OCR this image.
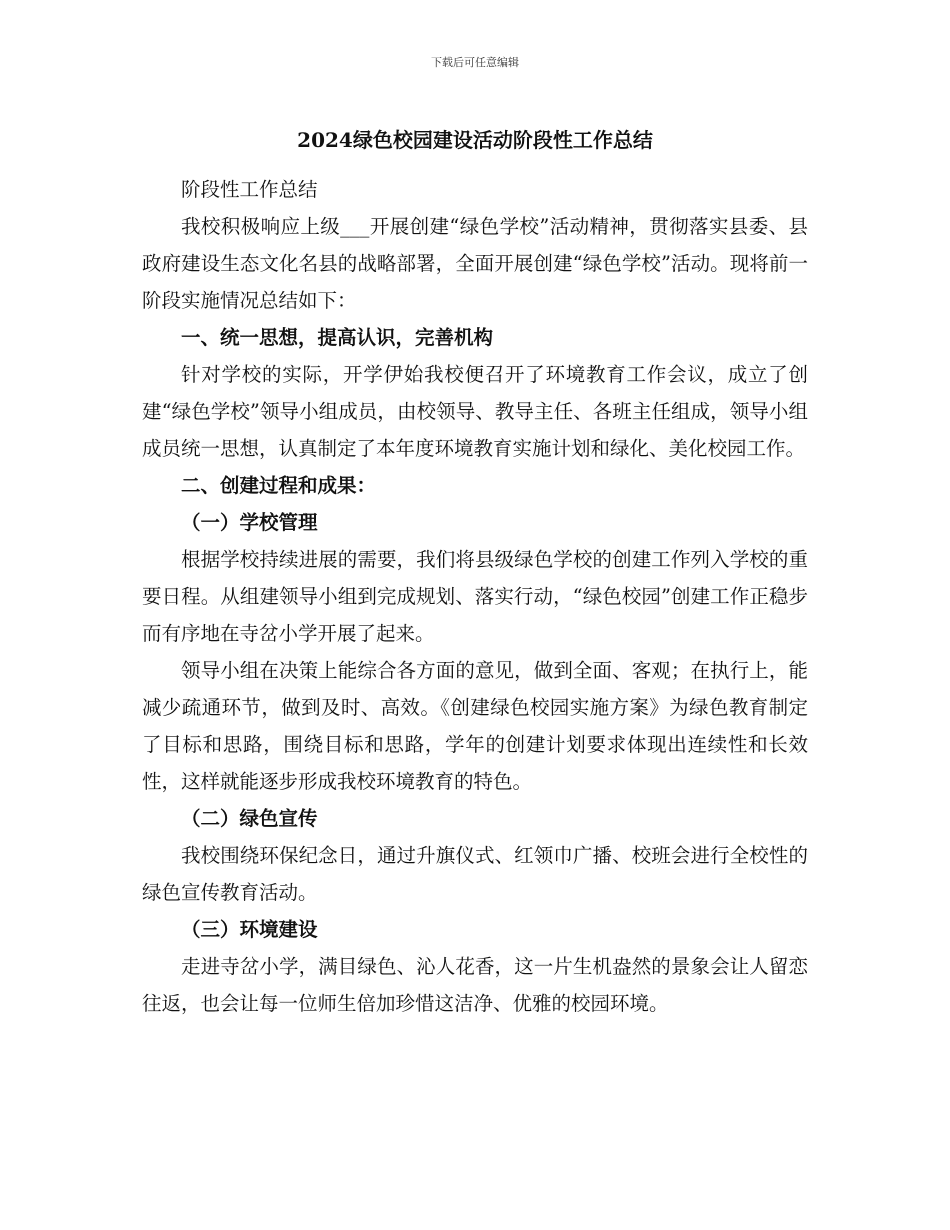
下载后可任意编辑
2024绿色校园建设活动阶段性工作总结

阶段性工作总结

我校积极响应上级___开展创建“绿色学校”活动精神，贯彻落实县委、县政府建设生态文化名县的战略部署，全面开展创建“绿色学校”活动。现将前一阶段实施情况总结如下：

一、统一思想，提高认识，完善机构

针对学校的实际，开学伊始我校便召开了环境教育工作会议，成立了创建“绿色学校”领导小组成员，由校领导、教导主任、各班主任组成，领导小组成员统一思想，认真制定了本年度环境教育实施计划和绿化、美化校园工作。

二、创建过程和成果：

（一）学校管理

根据学校持续进展的需要，我们将县级绿色学校的创建工作列入学校的重要日程。从组建领导小组到完成规划、落实行动，“绿色校园”创建工作正稳步而有序地在寺岔小学开展了起来。

领导小组在决策上能综合各方面的意见，做到全面、客观；在执行上，能减少疏通环节，做到及时、高效。《创建绿色校园实施方案》为绿色教育制定了目标和思路，围绕目标和思路，学年的创建计划要求体现出连续性和长效性，这样就能逐步形成我校环境教育的特色。

（二）绿色宣传

我校围绕环保纪念日，通过升旗仪式、红领巾广播、校班会进行全校性的绿色宣传教育活动。

（三）环境建设

走进寺岔小学，满目绿色、沁人花香，这一片生机盎然的景象会让人留恋往返，也会让每一位师生倍加珍惜这洁净、优雅的校园环境。
